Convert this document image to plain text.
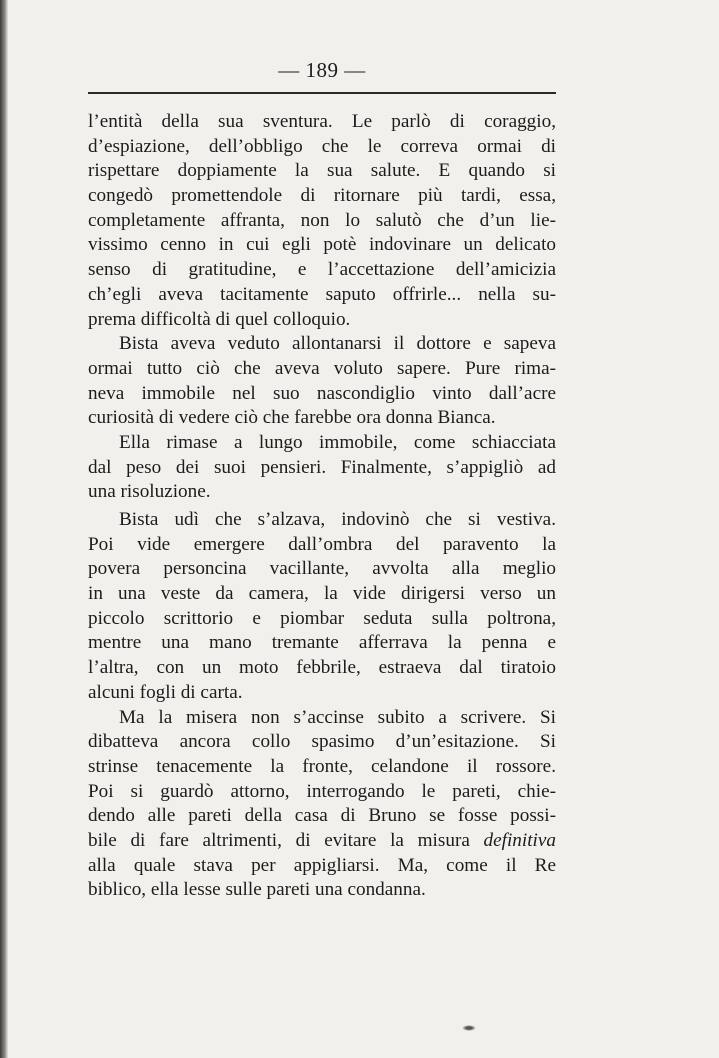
— 189 —
l’entità della sua sventura. Le parlò di coraggio,
d’espiazione, dell’obbligo che le correva ormai di
rispettare doppiamente la sua salute. E quando si
congedò promettendole di ritornare più tardi, essa,
completamente affranta, non lo salutò che d’un lie-
vissimo cenno in cui egli potè indovinare un delicato
senso di gratitudine, e l’accettazione dell’amicizia
ch’egli aveva tacitamente saputo offrirle... nella su-
prema difficoltà di quel colloquio.
Bista aveva veduto allontanarsi il dottore e sapeva
ormai tutto ciò che aveva voluto sapere. Pure rima-
neva immobile nel suo nascondiglio vinto dall’acre
curiosità di vedere ciò che farebbe ora donna Bianca.
Ella rimase a lungo immobile, come schiacciata
dal peso dei suoi pensieri. Finalmente, s’appigliò ad
una risoluzione.
Bista udì che s’alzava, indovinò che si vestiva.
Poi vide emergere dall’ombra del paravento la
povera personcina vacillante, avvolta alla meglio
in una veste da camera, la vide dirigersi verso un
piccolo scrittorio e piombar seduta sulla poltrona,
mentre una mano tremante afferrava la penna e
l’altra, con un moto febbrile, estraeva dal tiratoio
alcuni fogli di carta.
Ma la misera non s’accinse subito a scrivere. Si
dibatteva ancora collo spasimo d’un’esitazione. Si
strinse tenacemente la fronte, celandone il rossore.
Poi si guardò attorno, interrogando le pareti, chie-
dendo alle pareti della casa di Bruno se fosse possi-
bile di fare altrimenti, di evitare la misura definitiva
alla quale stava per appigliarsi. Ma, come il Re
biblico, ella lesse sulle pareti una condanna.
